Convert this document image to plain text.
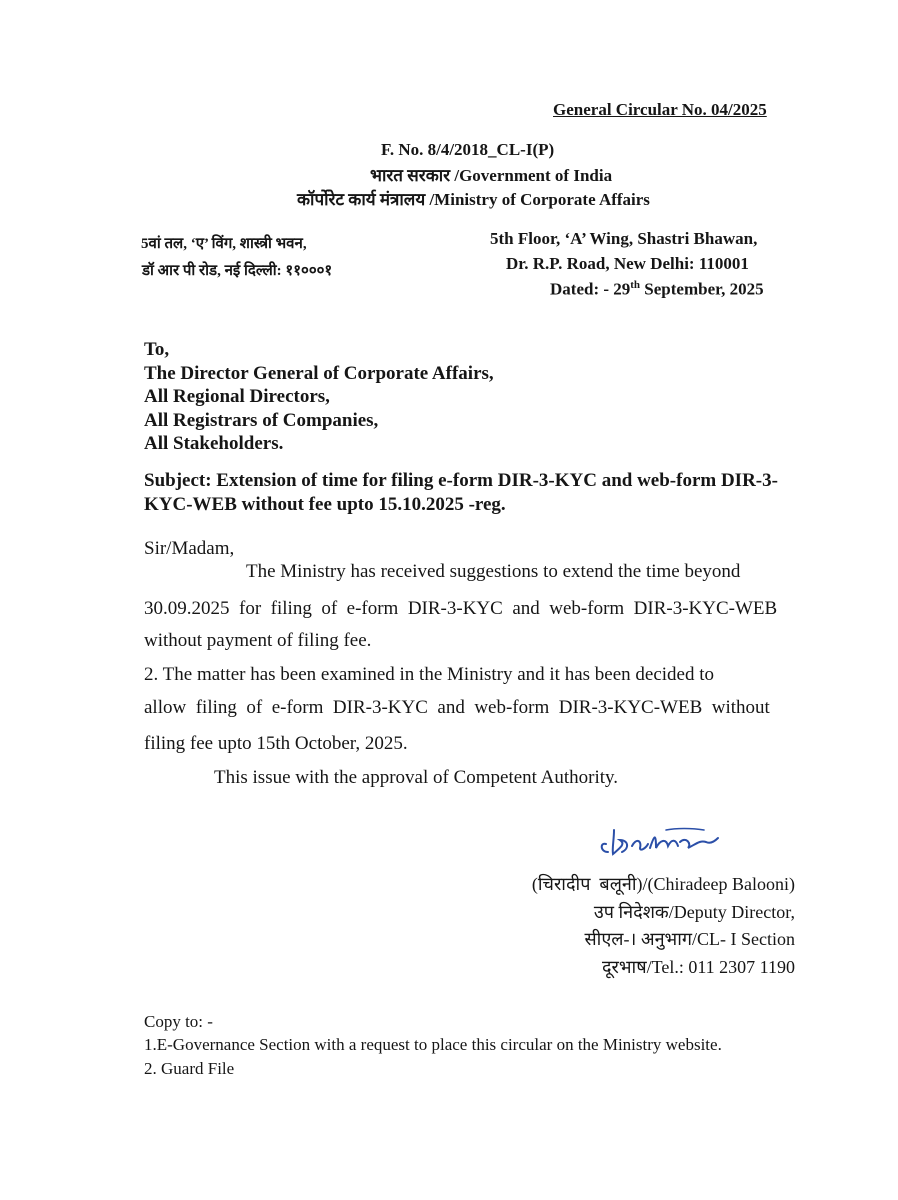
General Circular No. 04/2025
F. No. 8/4/2018_CL-I(P)
भारत सरकार /Government of India
कॉर्पोरेट कार्य मंत्रालय /Ministry of Corporate Affairs
5वां तल, ‘ए’ विंग, शास्त्री भवन,
डॉ आर पी रोड, नई दिल्ली: ११०००१
5th Floor, ‘A’ Wing, Shastri Bhawan,
Dr. R.P. Road, New Delhi: 110001
Dated: - 29th September, 2025
To,
The Director General of Corporate Affairs,
All Regional Directors,
All Registrars of Companies,
All Stakeholders.
Subject: Extension of time for filing e-form DIR-3-KYC and web-form DIR-3-KYC-WEB without fee upto 15.10.2025 -reg.
Sir/Madam,
The Ministry has received suggestions to extend the time beyond
30.09.2025  for  filing  of  e-form  DIR-3-KYC  and  web-form  DIR-3-KYC-WEB
without payment of filing fee.
2. The matter has been examined in the Ministry and it has been decided to
allow  filing  of  e-form  DIR-3-KYC  and  web-form  DIR-3-KYC-WEB  without
filing fee upto 15th October, 2025.
This issue with the approval of Competent Authority.
(चिरादीप  बलूनी)/(Chiradeep Balooni)
उप निदेशक/Deputy Director,
सीएल-। अनुभाग/CL- I Section
दूरभाष/Tel.: 011 2307 1190
Copy to: -
1.E-Governance Section with a request to place this circular on the Ministry website.
2. Guard File
